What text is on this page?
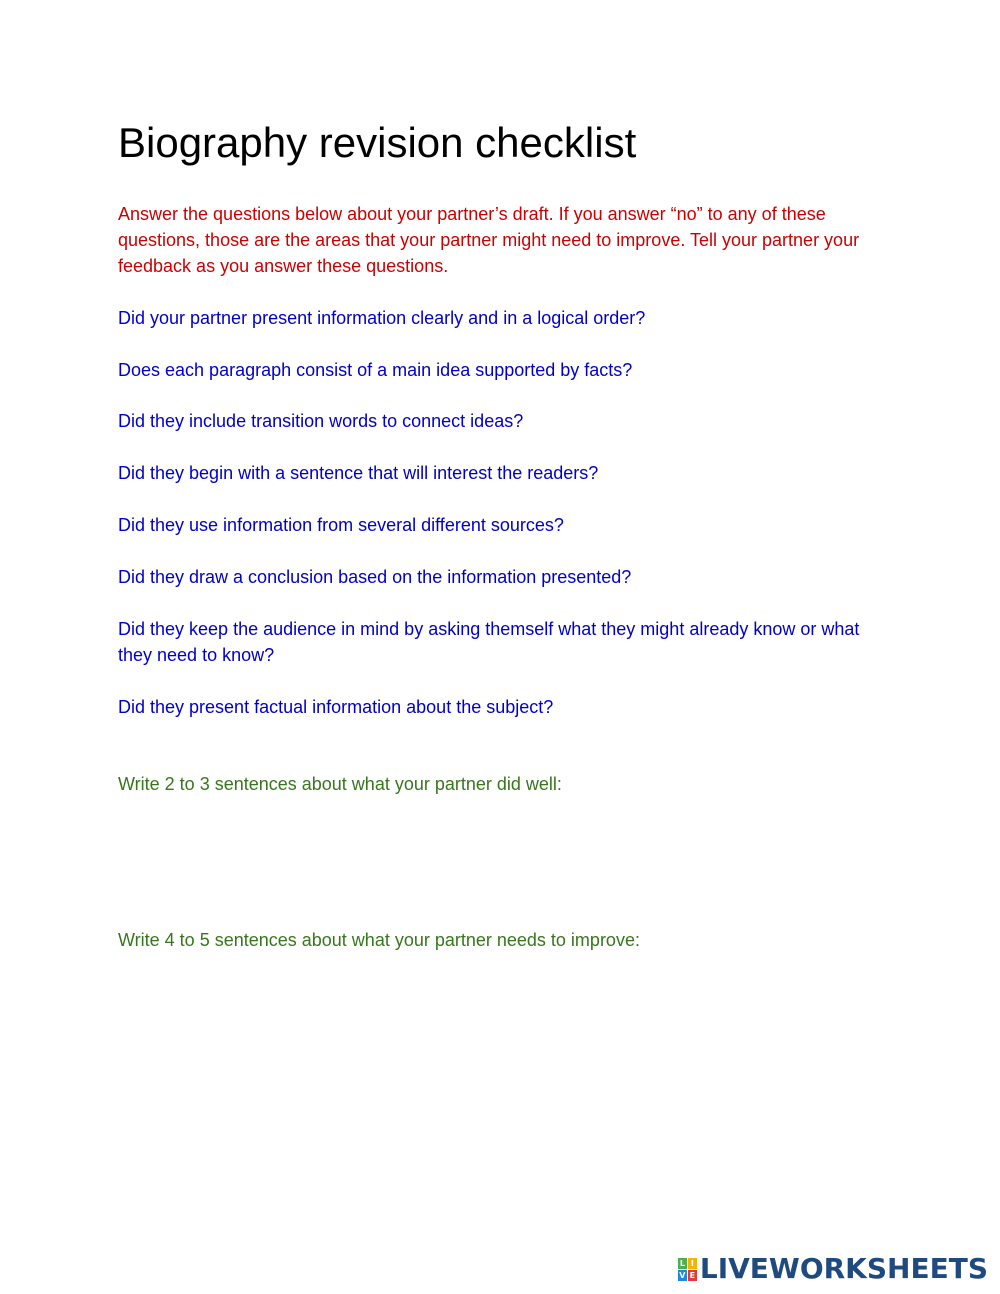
Biography revision checklist

Answer the questions below about your partner’s draft. If you answer “no” to any of these questions, those are the areas that your partner might need to improve. Tell your partner your feedback as you answer these questions.

Did your partner present information clearly and in a logical order?

Does each paragraph consist of a main idea supported by facts?

Did they include transition words to connect ideas?

Did they begin with a sentence that will interest the readers?

Did they use information from several different sources?

Did they draw a conclusion based on the information presented?

Did they keep the audience in mind by asking themself what they might already know or what they need to know?

Did they present factual information about the subject?

Write 2 to 3 sentences about what your partner did well:

Write 4 to 5 sentences about what your partner needs to improve:

L I
V E LIVEWORKSHEETS
